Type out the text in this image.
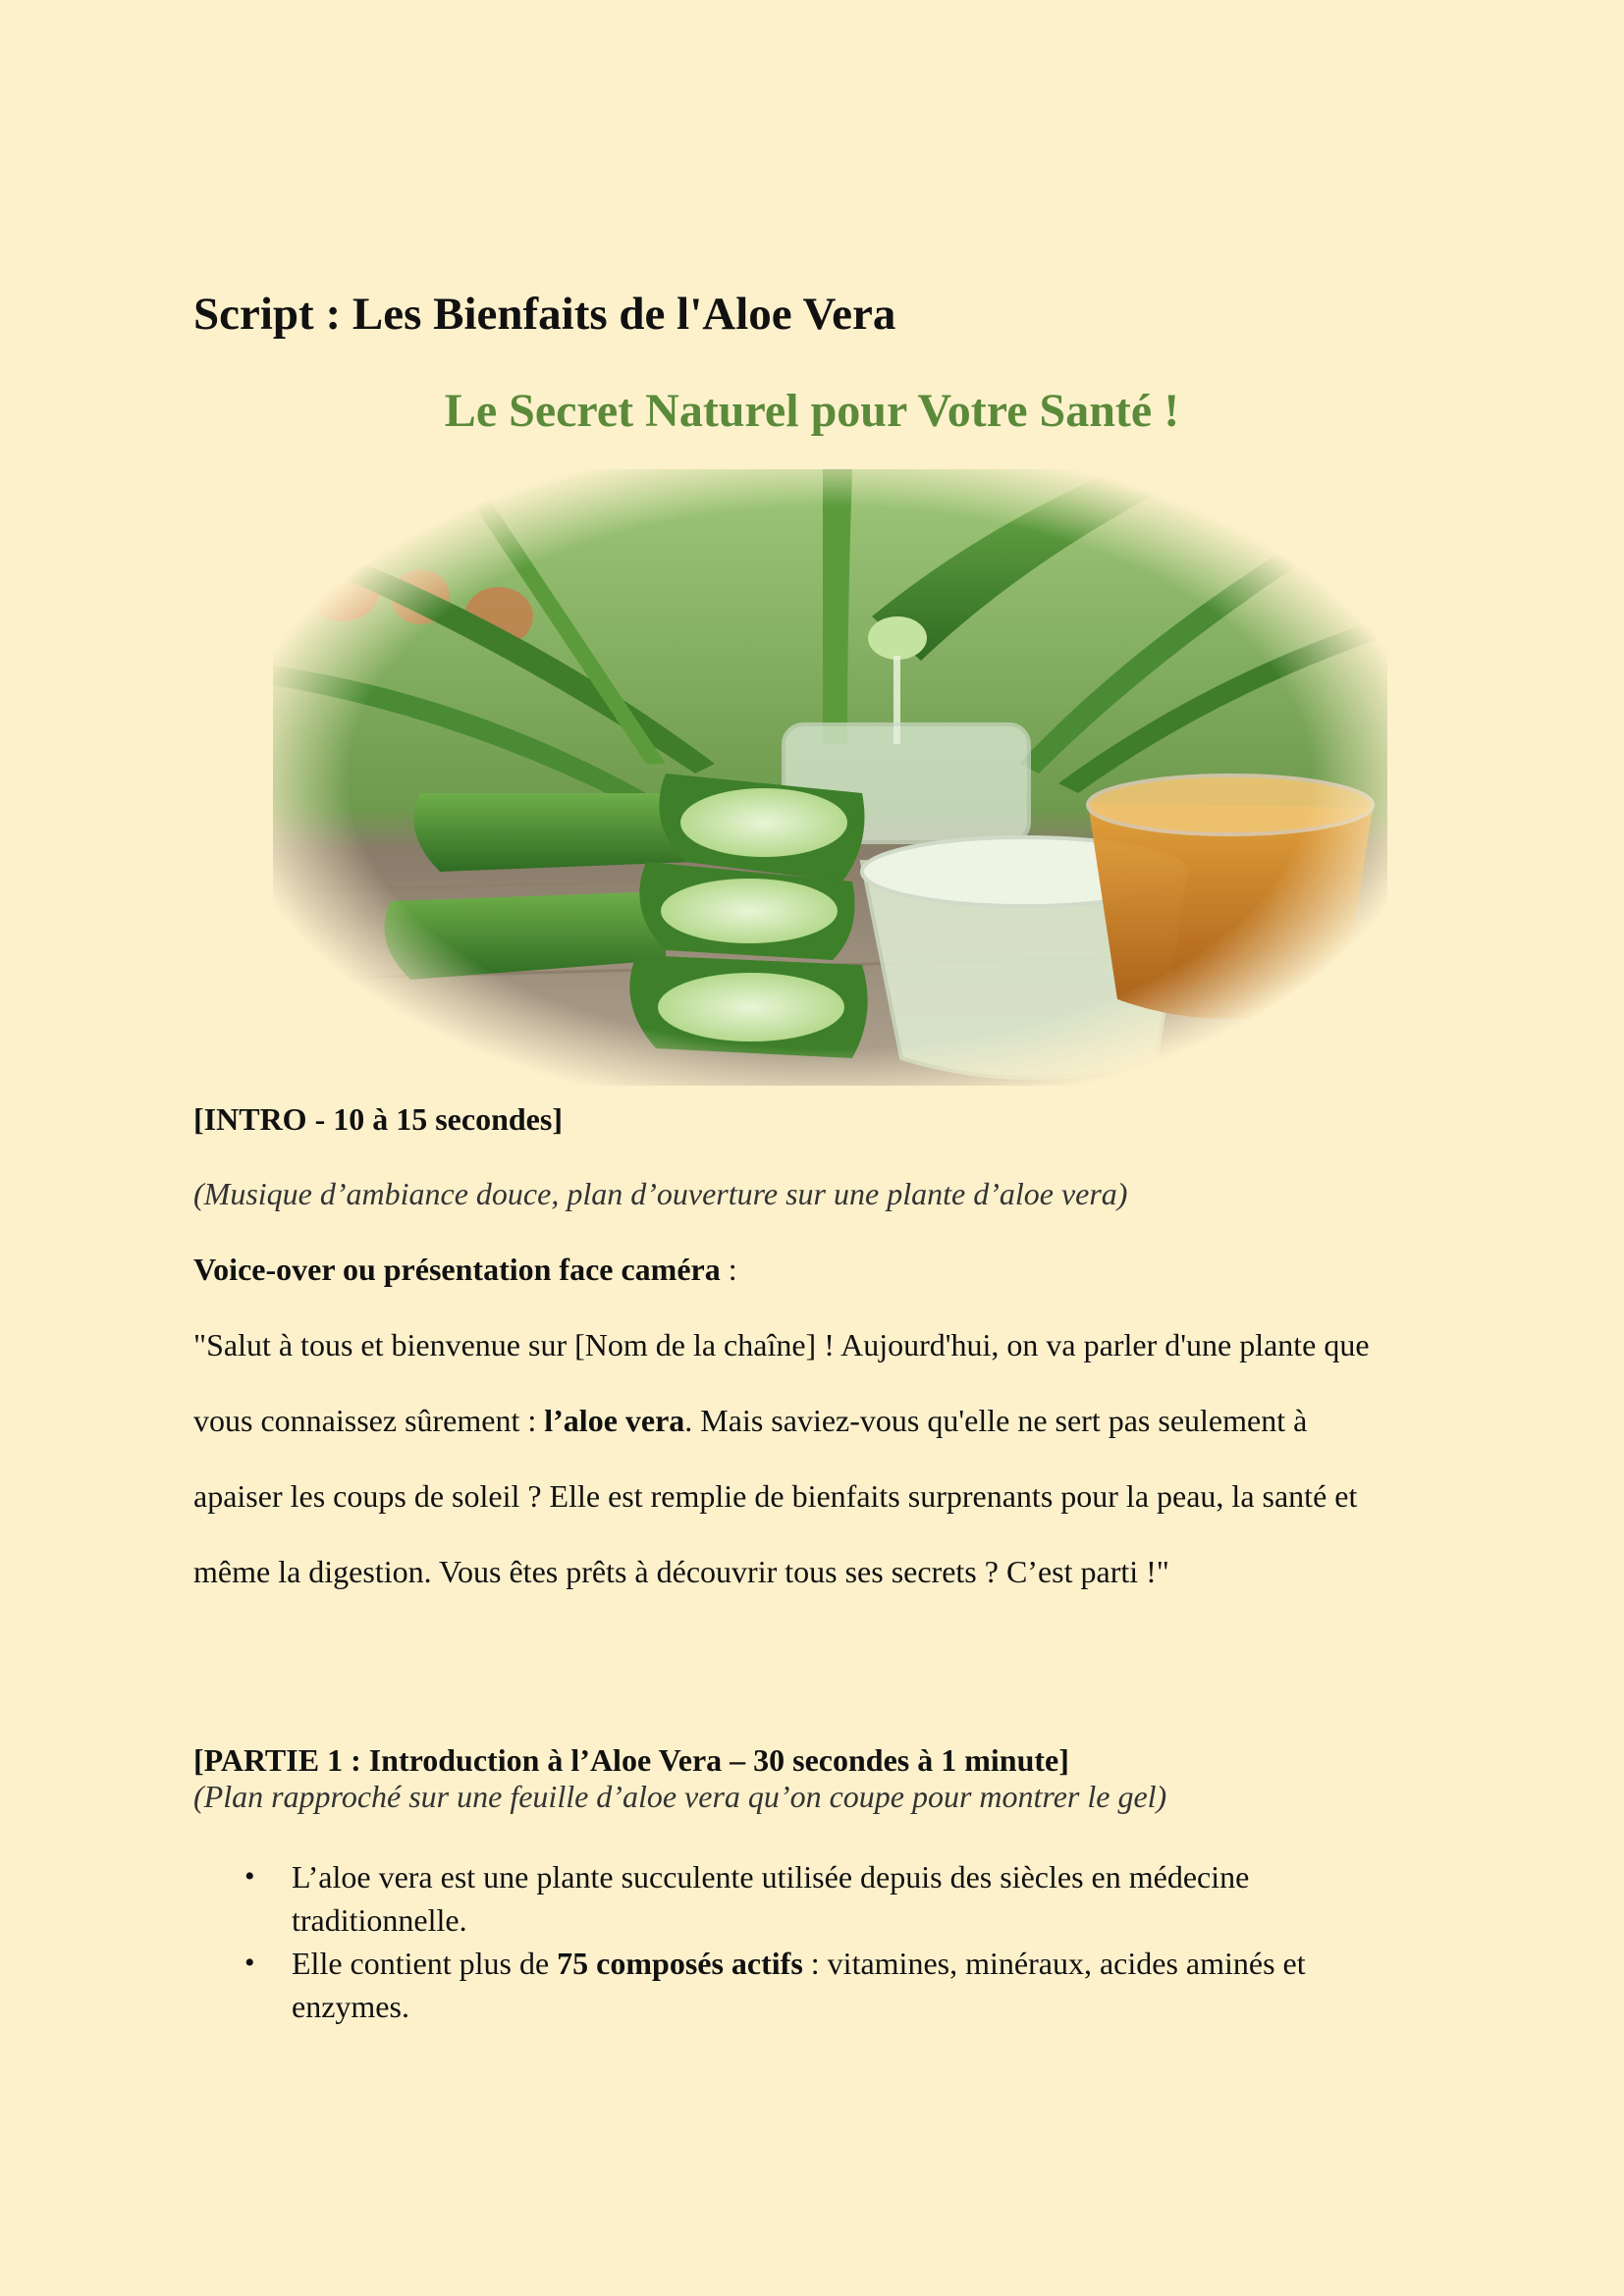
Script : Les Bienfaits de l'Aloe Vera
Le Secret Naturel pour Votre Santé !

[INTRO - 10 à 15 secondes]

(Musique d’ambiance douce, plan d’ouverture sur une plante d’aloe vera)

Voice-over ou présentation face caméra :

"Salut à tous et bienvenue sur [Nom de la chaîne] ! Aujourd'hui, on va parler d'une plante que

vous connaissez sûrement : l’aloe vera. Mais saviez-vous qu'elle ne sert pas seulement à

apaiser les coups de soleil ? Elle est remplie de bienfaits surprenants pour la peau, la santé et

même la digestion. Vous êtes prêts à découvrir tous ses secrets ? C’est parti !"

[PARTIE 1 : Introduction à l’Aloe Vera – 30 secondes à 1 minute]

(Plan rapproché sur une feuille d’aloe vera qu’on coupe pour montrer le gel)

• L’aloe vera est une plante succulente utilisée depuis des siècles en médecine
traditionnelle.
• Elle contient plus de 75 composés actifs : vitamines, minéraux, acides aminés et
enzymes.
